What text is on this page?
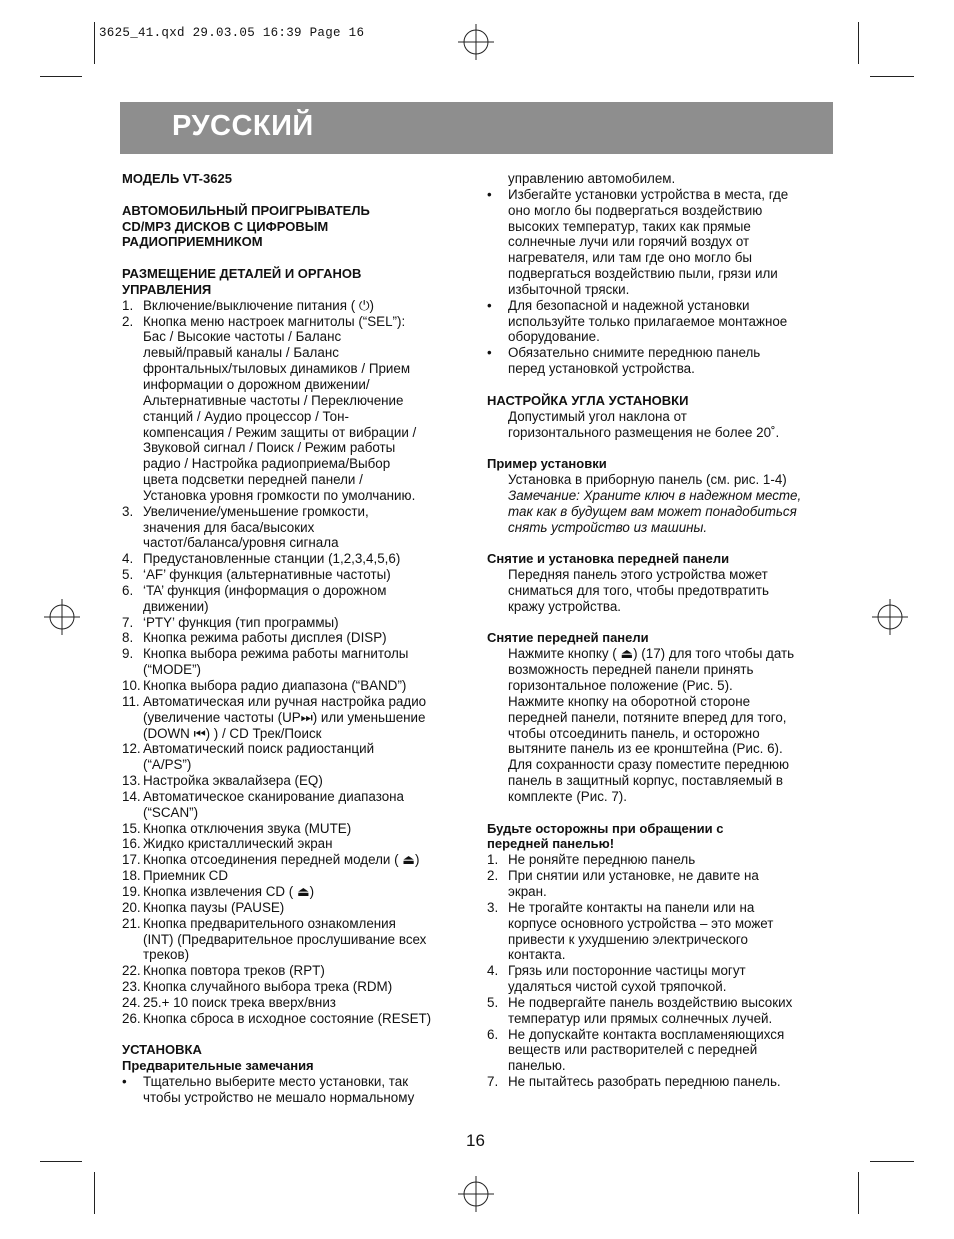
3625_41.qxd 29.03.05 16:39 Page 16
РУССКИЙ
МОДЕЛЬ VT-3625
АВТОМОБИЛЬНЫЙ ПРОИГРЫВАТЕЛЬ
CD/MP3 ДИСКОВ С ЦИФРОВЫМ
РАДИОПРИЕМНИКОМ
РАЗМЕЩЕНИЕ ДЕТАЛЕЙ И ОРГАНОВ
УПРАВЛЕНИЯ
1. Включение/выключение питания ( ⏻)
2. Кнопка меню настроек магнитолы (“SEL”):
Бас / Высокие частоты / Баланс
левый/правый каналы / Баланс
фронтальных/тыловых динамиков / Прием
информации о дорожном движении/
Альтернативные частоты / Переключение
станций / Аудио процессор / Тон-
компенсация / Режим защиты от вибрации /
Звуковой сигнал / Поиск / Режим работы
радио / Настройка радиоприема/Выбор
цвета подсветки передней панели /
Установка уровня громкости по умолчанию.
3. Увеличение/уменьшение громкости,
значения для баса/высоких
частот/баланса/уровня сигнала
4. Предустановленные станции (1,2,3,4,5,6)
5. ‘AF’ функция (альтернативные частоты)
6. ‘TA’ функция (информация о дорожном
движении)
7. ‘PTY’ функция (тип программы)
8. Кнопка режима работы дисплея (DISP)
9. Кнопка выбора режима работы магнитолы
(“MODE”)
10. Кнопка выбора радио диапазона (“BAND”)
11. Автоматическая или ручная настройка радио
(увеличение частоты (UP⏭) или уменьшение
(DOWN ⏮) ) / CD Трек/Поиск
12. Автоматический поиск радиостанций
(“A/PS”)
13. Настройка эквалайзера (EQ)
14. Автоматическое сканирование диапазона
(“SCAN”)
15. Кнопка отключения звука (MUTE)
16. Жидко кристаллический экран
17. Кнопка отсоединения передней модели ( ⏏)
18. Приемник CD
19. Кнопка извлечения CD ( ⏏)
20. Кнопка паузы (PAUSE)
21. Кнопка предварительного ознакомления
(INT) (Предварительное прослушивание всех
треков)
22. Кнопка повтора треков (RPT)
23. Кнопка случайного выбора трека (RDM)
24. 25.+ 10 поиск трека вверх/вниз
26. Кнопка сброса в исходное состояние (RESET)
УСТАНОВКА
Предварительные замечания
• Тщательно выберите место установки, так
чтобы устройство не мешало нормальному
управлению автомобилем.
• Избегайте установки устройства в места, где
оно могло бы подвергаться воздействию
высоких температур, таких как прямые
солнечные лучи или горячий воздух от
нагревателя, или там где оно могло бы
подвергаться воздействию пыли, грязи или
избыточной тряски.
• Для безопасной и надежной установки
используйте только прилагаемое монтажное
оборудование.
• Обязательно снимите переднюю панель
перед установкой устройства.
НАСТРОЙКА УГЛА УСТАНОВКИ
Допустимый угол наклона от
горизонтального размещения не более 20˚.
Пример установки
Установка в приборную панель (см. рис. 1-4)
Замечание: Храните ключ в надежном месте,
так как в будущем вам может понадобиться
снять устройство из машины.
Снятие и установка передней панели
Передняя панель этого устройства может
сниматься для того, чтобы предотвратить
кражу устройства.
Снятие передней панели
Нажмите кнопку ( ⏏) (17) для того чтобы дать
возможность передней панели принять
горизонтальное положение (Рис. 5).
Нажмите кнопку на оборотной стороне
передней панели, потяните вперед для того,
чтобы отсоединить панель, и осторожно
вытяните панель из ее кронштейна (Рис. 6).
Для сохранности сразу поместите переднюю
панель в защитный корпус, поставляемый в
комплекте (Рис. 7).
Будьте осторожны при обращении с
передней панелью!
1. Не роняйте переднюю панель
2. При снятии или установке, не давите на
экран.
3. Не трогайте контакты на панели или на
корпусе основного устройства – это может
привести к ухудшению электрического
контакта.
4. Грязь или посторонние частицы могут
удаляться чистой сухой тряпочкой.
5. Не подвергайте панель воздействию высоких
температур или прямых солнечных лучей.
6. Не допускайте контакта воспламеняющихся
веществ или растворителей с передней
панелью.
7. Не пытайтесь разобрать переднюю панель.
16
